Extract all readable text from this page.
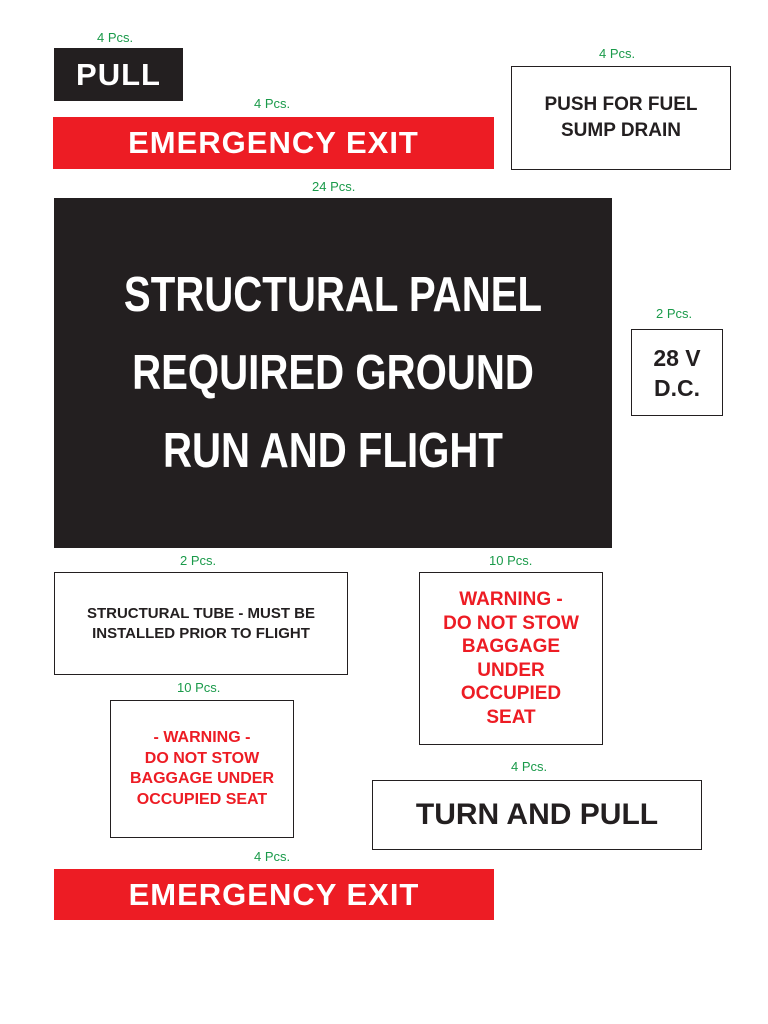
4 Pcs.
PULL
4 Pcs.
EMERGENCY EXIT
4 Pcs.
PUSH FOR FUEL
SUMP DRAIN
24 Pcs.
STRUCTURAL PANEL
REQUIRED GROUND
RUN AND FLIGHT
2 Pcs.
28 V
D.C.
2 Pcs.
STRUCTURAL TUBE - MUST BE
INSTALLED PRIOR TO FLIGHT
10 Pcs.
WARNING -
DO NOT STOW
BAGGAGE
UNDER
OCCUPIED
SEAT
10 Pcs.
- WARNING -
DO NOT STOW
BAGGAGE UNDER
OCCUPIED SEAT
4 Pcs.
TURN AND PULL
4 Pcs.
EMERGENCY EXIT
